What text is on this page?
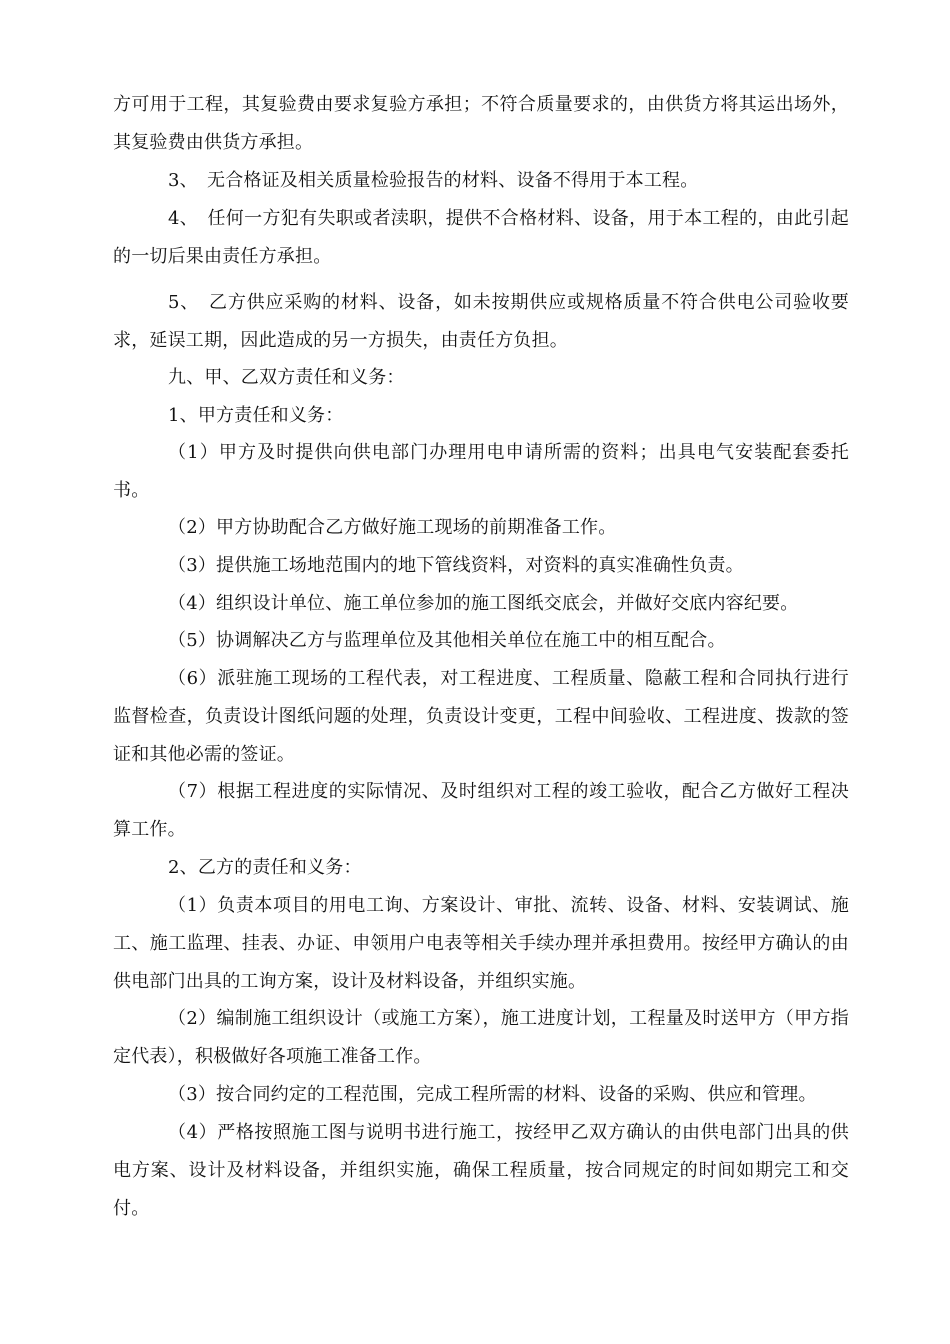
方可用于工程，其复验费由要求复验方承担；不符合质量要求的，由供货方将其运出场外，其复验费由供货方承担。

3、　无合格证及相关质量检验报告的材料、设备不得用于本工程。

4、　任何一方犯有失职或者渎职，提供不合格材料、设备，用于本工程的，由此引起的一切后果由责任方承担。

5、　乙方供应采购的材料、设备，如未按期供应或规格质量不符合供电公司验收要求，延误工期，因此造成的另一方损失，由责任方负担。

九、甲、乙双方责任和义务：

1、甲方责任和义务：

（1）甲方及时提供向供电部门办理用电申请所需的资料；出具电气安装配套委托书。

（2）甲方协助配合乙方做好施工现场的前期准备工作。

（3）提供施工场地范围内的地下管线资料，对资料的真实准确性负责。

（4）组织设计单位、施工单位参加的施工图纸交底会，并做好交底内容纪要。

（5）协调解决乙方与监理单位及其他相关单位在施工中的相互配合。

（6）派驻施工现场的工程代表，对工程进度、工程质量、隐蔽工程和合同执行进行监督检查，负责设计图纸问题的处理，负责设计变更，工程中间验收、工程进度、拨款的签证和其他必需的签证。

（7）根据工程进度的实际情况、及时组织对工程的竣工验收，配合乙方做好工程决算工作。

2、乙方的责任和义务：

（1）负责本项目的用电工询、方案设计、审批、流转、设备、材料、安装调试、施工、施工监理、挂表、办证、申领用户电表等相关手续办理并承担费用。按经甲方确认的由供电部门出具的工询方案，设计及材料设备，并组织实施。

（2）编制施工组织设计（或施工方案），施工进度计划，工程量及时送甲方（甲方指定代表），积极做好各项施工准备工作。

（3）按合同约定的工程范围，完成工程所需的材料、设备的采购、供应和管理。

（4）严格按照施工图与说明书进行施工，按经甲乙双方确认的由供电部门出具的供电方案、设计及材料设备，并组织实施，确保工程质量，按合同规定的时间如期完工和交付。
